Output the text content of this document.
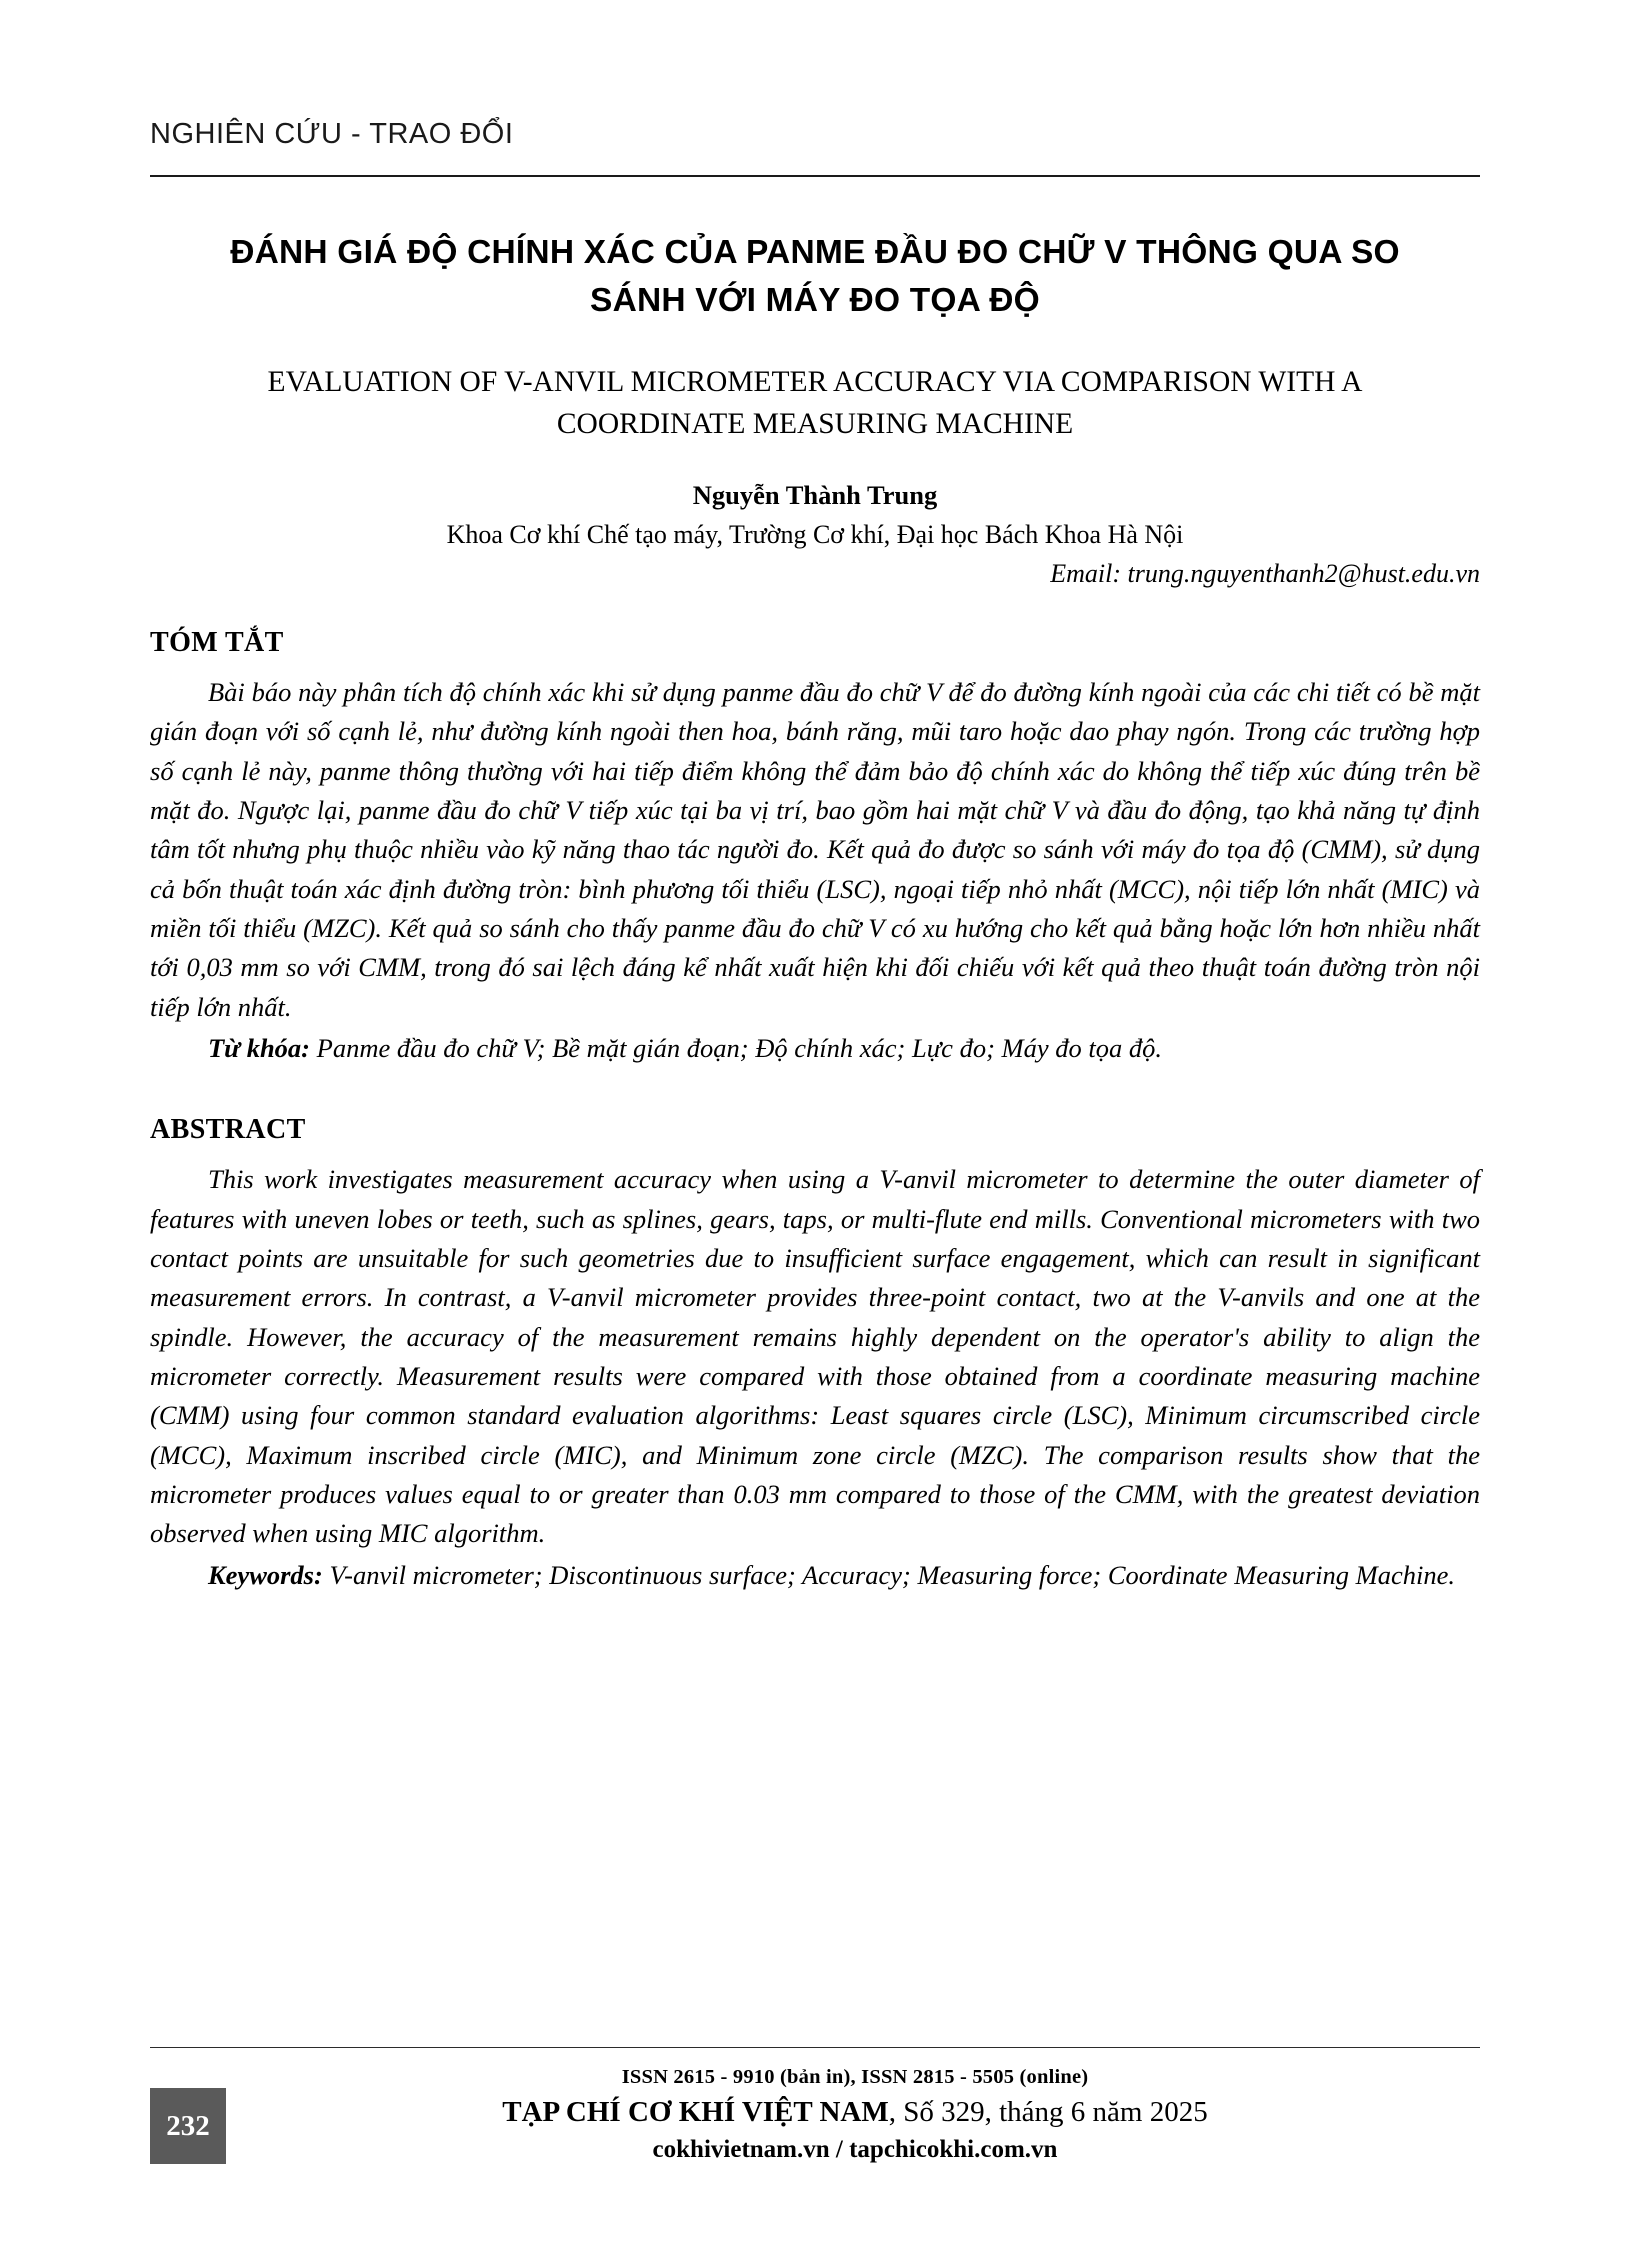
NGHIÊN CỨU - TRAO ĐỔI
ĐÁNH GIÁ ĐỘ CHÍNH XÁC CỦA PANME ĐẦU ĐO CHỮ V THÔNG QUA SO SÁNH VỚI MÁY ĐO TỌA ĐỘ
EVALUATION OF V-ANVIL MICROMETER ACCURACY VIA COMPARISON WITH A COORDINATE MEASURING MACHINE
Nguyễn Thành Trung
Khoa Cơ khí Chế tạo máy, Trường Cơ khí, Đại học Bách Khoa Hà Nội
Email: trung.nguyenthanh2@hust.edu.vn
TÓM TẮT

Bài báo này phân tích độ chính xác khi sử dụng panme đầu đo chữ V để đo đường kính ngoài của các chi tiết có bề mặt gián đoạn với số cạnh lẻ, như đường kính ngoài then hoa, bánh răng, mũi taro hoặc dao phay ngón. Trong các trường hợp số cạnh lẻ này, panme thông thường với hai tiếp điểm không thể đảm bảo độ chính xác do không thể tiếp xúc đúng trên bề mặt đo. Ngược lại, panme đầu đo chữ V tiếp xúc tại ba vị trí, bao gồm hai mặt chữ V và đầu đo động, tạo khả năng tự định tâm tốt nhưng phụ thuộc nhiều vào kỹ năng thao tác người đo. Kết quả đo được so sánh với máy đo tọa độ (CMM), sử dụng cả bốn thuật toán xác định đường tròn: bình phương tối thiểu (LSC), ngoại tiếp nhỏ nhất (MCC), nội tiếp lớn nhất (MIC) và miền tối thiểu (MZC). Kết quả so sánh cho thấy panme đầu đo chữ V có xu hướng cho kết quả bằng hoặc lớn hơn nhiều nhất tới 0,03 mm so với CMM, trong đó sai lệch đáng kể nhất xuất hiện khi đối chiếu với kết quả theo thuật toán đường tròn nội tiếp lớn nhất.

Từ khóa: Panme đầu đo chữ V; Bề mặt gián đoạn; Độ chính xác; Lực đo; Máy đo tọa độ.

ABSTRACT

This work investigates measurement accuracy when using a V-anvil micrometer to determine the outer diameter of features with uneven lobes or teeth, such as splines, gears, taps, or multi-flute end mills. Conventional micrometers with two contact points are unsuitable for such geometries due to insufficient surface engagement, which can result in significant measurement errors. In contrast, a V-anvil micrometer provides three-point contact, two at the V-anvils and one at the spindle. However, the accuracy of the measurement remains highly dependent on the operator's ability to align the micrometer correctly. Measurement results were compared with those obtained from a coordinate measuring machine (CMM) using four common standard evaluation algorithms: Least squares circle (LSC), Minimum circumscribed circle (MCC), Maximum inscribed circle (MIC), and Minimum zone circle (MZC). The comparison results show that the micrometer produces values equal to or greater than 0.03 mm compared to those of the CMM, with the greatest deviation observed when using MIC algorithm.

Keywords: V-anvil micrometer; Discontinuous surface; Accuracy; Measuring force; Coordinate Measuring Machine.

232
ISSN 2615 - 9910 (bản in), ISSN 2815 - 5505 (online)
TẠP CHÍ CƠ KHÍ VIỆT NAM, Số 329, tháng 6 năm 2025
cokhivietnam.vn / tapchicokhi.com.vn
